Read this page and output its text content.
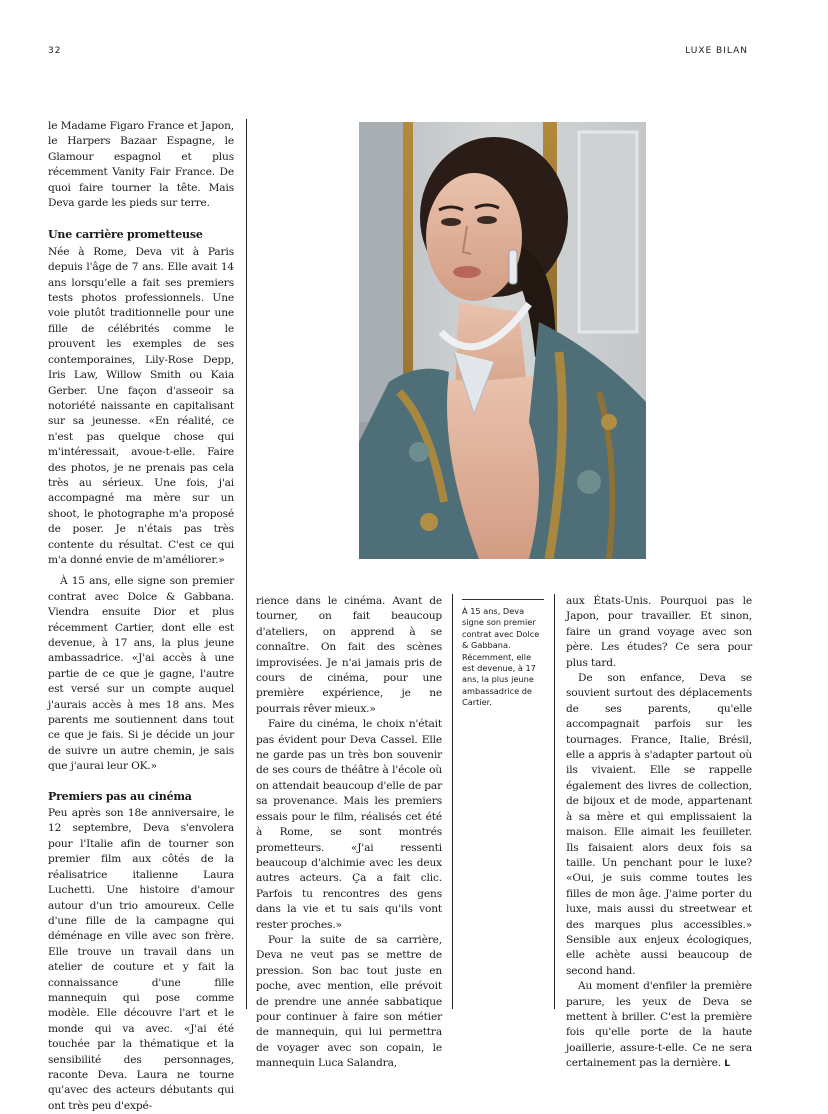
32	LUXE BILAN

le Madame Figaro France et Japon, le Harpers Bazaar Espagne, le Glamour espagnol et plus récemment Vanity Fair France. De quoi faire tourner la tête. Mais Deva garde les pieds sur terre.

Une carrière prometteuse

Née à Rome, Deva vit à Paris depuis l'âge de 7 ans. Elle avait 14 ans lorsqu'elle a fait ses premiers tests photos professionnels. Une voie plutôt traditionnelle pour une fille de célébrités comme le prouvent les exemples de ses contemporaines, Lily-Rose Depp, Iris Law, Willow Smith ou Kaia Gerber. Une façon d'asseoir sa notoriété naissante en capitalisant sur sa jeunesse. «En réalité, ce n'est pas quelque chose qui m'intéressait, avoue-t-elle. Faire des photos, je ne prenais pas cela très au sérieux. Une fois, j'ai accompagné ma mère sur un shoot, le photographe m'a proposé de poser. Je n'étais pas très contente du résultat. C'est ce qui m'a donné envie de m'améliorer.»

À 15 ans, elle signe son premier contrat avec Dolce & Gabbana. Viendra ensuite Dior et plus récemment Cartier, dont elle est devenue, à 17 ans, la plus jeune ambassadrice. «J'ai accès à une partie de ce que je gagne, l'autre est versé sur un compte auquel j'aurais accès à mes 18 ans. Mes parents me soutiennent dans tout ce que je fais. Si je décide un jour de suivre un autre chemin, je sais que j'aurai leur OK.»

Premiers pas au cinéma

Peu après son 18e anniversaire, le 12 septembre, Deva s'envolera pour l'Italie afin de tourner son premier film aux côtés de la réalisatrice italienne Laura Luchetti. Une histoire d'amour autour d'un trio amoureux. Celle d'une fille de la campagne qui déménage en ville avec son frère. Elle trouve un travail dans un atelier de couture et y fait la connaissance d'une fille mannequin qui pose comme modèle. Elle découvre l'art et le monde qui va avec. «J'ai été touchée par la thématique et la sensibilité des personnages, raconte Deva. Laura ne tourne qu'avec des acteurs débutants qui ont très peu d'expé-

rience dans le cinéma. Avant de tourner, on fait beaucoup d'ateliers, on apprend à se connaître. On fait des scènes improvisées. Je n'ai jamais pris de cours de cinéma, pour une première expérience, je ne pourrais rêver mieux.»

Faire du cinéma, le choix n'était pas évident pour Deva Cassel. Elle ne garde pas un très bon souvenir de ses cours de théâtre à l'école où on attendait beaucoup d'elle de par sa provenance. Mais les premiers essais pour le film, réalisés cet été à Rome, se sont montrés prometteurs. «J'ai ressenti beaucoup d'alchimie avec les deux autres acteurs. Ça a fait clic. Parfois tu rencontres des gens dans la vie et tu sais qu'ils vont rester proches.»

Pour la suite de sa carrière, Deva ne veut pas se mettre de pression. Son bac tout juste en poche, avec mention, elle prévoit de prendre une année sabbatique pour continuer à faire son métier de mannequin, qui lui permettra de voyager avec son copain, le mannequin Luca Salandra,

À 15 ans, Deva signe son premier contrat avec Dolce & Gabbana. Récemment, elle est devenue, à 17 ans, la plus jeune ambassadrice de Cartier.

aux États-Unis. Pourquoi pas le Japon, pour travailler. Et sinon, faire un grand voyage avec son père. Les études? Ce sera pour plus tard.

De son enfance, Deva se souvient surtout des déplacements de ses parents, qu'elle accompagnait parfois sur les tournages. France, Italie, Brésil, elle a appris à s'adapter partout où ils vivaient. Elle se rappelle également des livres de collection, de bijoux et de mode, appartenant à sa mère et qui emplissaient la maison. Elle aimait les feuilleter. Ils faisaient alors deux fois sa taille. Un penchant pour le luxe? «Oui, je suis comme toutes les filles de mon âge. J'aime porter du luxe, mais aussi du streetwear et des marques plus accessibles.» Sensible aux enjeux écologiques, elle achète aussi beaucoup de second hand.

Au moment d'enfiler la première parure, les yeux de Deva se mettent à briller. C'est la première fois qu'elle porte de la haute joaillerie, assure-t-elle. Ce ne sera certainement pas la dernière. L
